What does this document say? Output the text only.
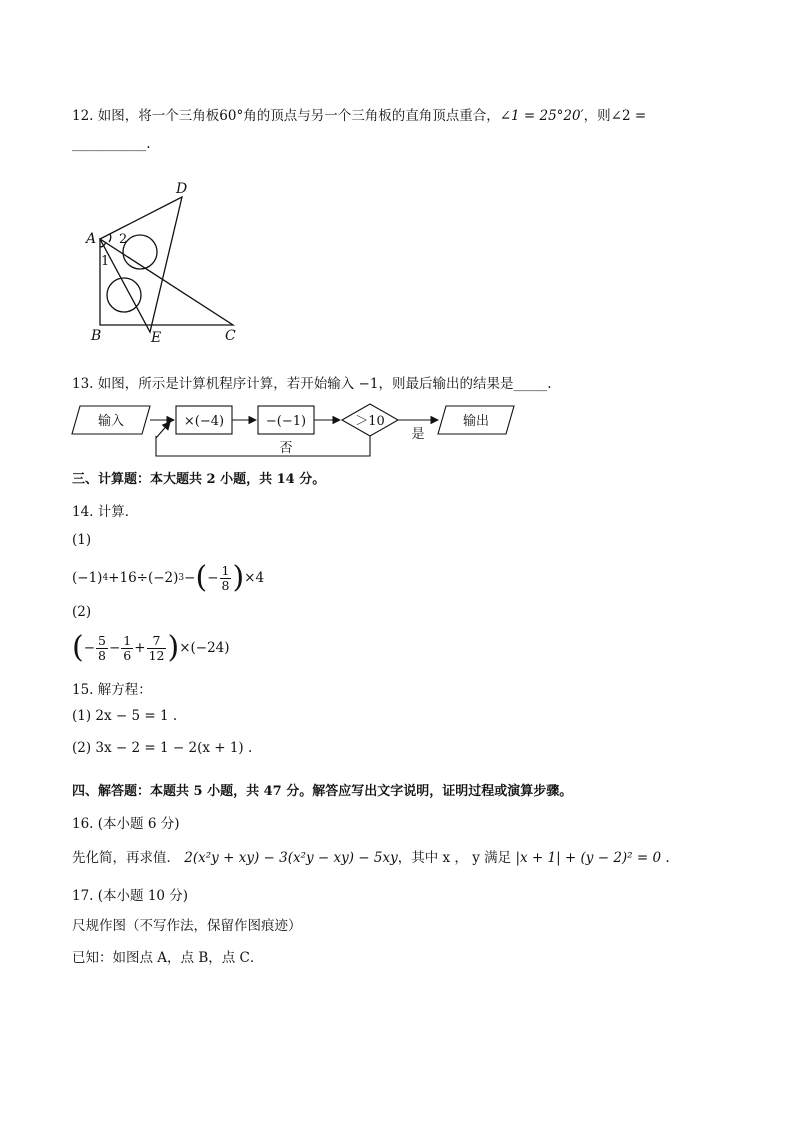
12. 如图，将一个三角板60°角的顶点与另一个三角板的直角顶点重合，∠1 = 25°20′，则∠2 =
___________.
A
D
B	E	C
1
2
13. 如图，所示是计算机程序计算，若开始输入 −1，则最后输出的结果是_____.
输入	×(−4)	−(−1)	＞10	输出
是
否
三、计算题：本大题共 2 小题，共 14 分。
14. 计算．
(1)
(−1) 4 +16÷(−2) 3 − ( − $\frac{1}{8}$ ) ×4
(2)
( − $\frac{5}{8} - \frac{1}{6} + \frac{7}{12}$ ) ×(−24)
15. 解方程：
(1) 2x − 5 = 1 .
(2) 3x − 2 = 1 − 2(x + 1) .
四、解答题：本题共 5 小题，共 47 分。解答应写出文字说明，证明过程或演算步骤。
16. (本小题 6 分)
先化简，再求值． 2(x²y + xy) − 3(x²y − xy) − 5xy，其中 x ， y 满足 |x + 1| + (y − 2)² = 0 .
17. (本小题 10 分)
尺规作图（不写作法，保留作图痕迹）
已知：如图点 A，点 B，点 C．
